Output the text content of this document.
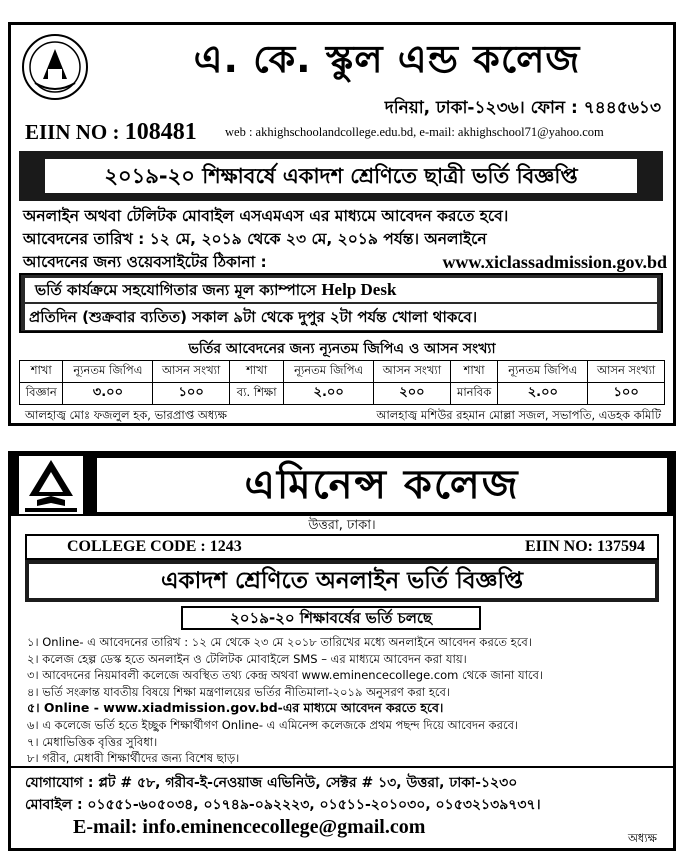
এ. কে. স্কুল এন্ড কলেজ
দনিয়া, ঢাকা-১২৩৬। ফোন : ৭৪৪৫৬১৩
EIIN NO : 108481 web : akhighschoolandcollege.edu.bd, e-mail: akhighschool71@yahoo.com
২০১৯-২০ শিক্ষাবর্ষে একাদশ শ্রেণিতে ছাত্রী ভর্তি বিজ্ঞপ্তি
অনলাইন অথবা টেলিটক মোবাইল এসএমএস এর মাধ্যমে আবেদন করতে হবে।
আবেদনের তারিখ : ১২ মে, ২০১৯ থেকে ২৩ মে, ২০১৯ পর্যন্ত। অনলাইনে
আবেদনের জন্য ওয়েবসাইটের ঠিকানা :	www.xiclassadmission.gov.bd
ভর্তি কার্যক্রমে সহযোগিতার জন্য মূল ক্যাম্পাসে Help Desk
প্রতিদিন (শুক্রবার ব্যতিত) সকাল ৯টা থেকে দুপুর ২টা পর্যন্ত খোলা থাকবে।
ভর্তির আবেদনের জন্য ন্যূনতম জিপিএ ও আসন সংখ্যা
শাখা	ন্যূনতম জিপিএ	আসন সংখ্যা	শাখা	ন্যূনতম জিপিএ	আসন সংখ্যা	শাখা	ন্যূনতম জিপিএ	আসন সংখ্যা
বিজ্ঞান	৩.০০	১০০	ব্য. শিক্ষা	২.০০	২০০	মানবিক	২.০০	১০০
আলহাজ্ব মোঃ ফজলুল হক, ভারপ্রাপ্ত অধ্যক্ষ	আলহাজ্ব মশিউর রহমান মোল্লা সজল, সভাপতি, এডহক কমিটি
এমিনেন্স কলেজ
উত্তরা, ঢাকা।
COLLEGE CODE : 1243	EIIN NO: 137594
একাদশ শ্রেণিতে অনলাইন ভর্তি বিজ্ঞপ্তি
২০১৯-২০ শিক্ষাবর্ষের ভর্তি চলছে
১। Online- এ আবেদনের তারিখ : ১২ মে থেকে ২৩ মে ২০১৮ তারিখের মধ্যে অনলাইনে আবেদন করতে হবে।
২। কলেজ হেল্প ডেস্ক হতে অনলাইন ও টেলিটক মোবাইলে SMS – এর মাধ্যমে আবেদন করা যায়।
৩। আবেদনের নিয়মাবলী কলেজে অবস্থিত তথ্য কেন্দ্র অথবা www.eminencecollege.com থেকে জানা যাবে।
৪। ভর্তি সংক্রান্ত যাবতীয় বিষয়ে শিক্ষা মন্ত্রণালয়ের ভর্তির নীতিমালা-২০১৯ অনুসরণ করা হবে।
৫। Online - www.xiadmission.gov.bd-এর মাধ্যমে আবেদন করতে হবে।
৬। এ কলেজে ভর্তি হতে ইচ্ছুক শিক্ষার্থীগণ Online- এ এমিনেন্স কলেজকে প্রথম পছন্দ দিয়ে আবেদন করবে।
৭। মেধাভিত্তিক বৃত্তির সুবিধা।
৮। গরীব, মেধাবী শিক্ষার্থীদের জন্য বিশেষ ছাড়।
যোগাযোগ : প্লট # ৫৮, গরীব-ই-নেওয়াজ এভিনিউ, সেক্টর # ১৩, উত্তরা, ঢাকা-১২৩০
মোবাইল : ০১৫৫১-৬০৫০৩৪, ০১৭৪৯-০৯২২২৩, ০১৫১১-২০১০৩০, ০১৫৩২১৩৯৭৩৭।
E-mail: info.eminencecollege@gmail.com	অধ্যক্ষ
